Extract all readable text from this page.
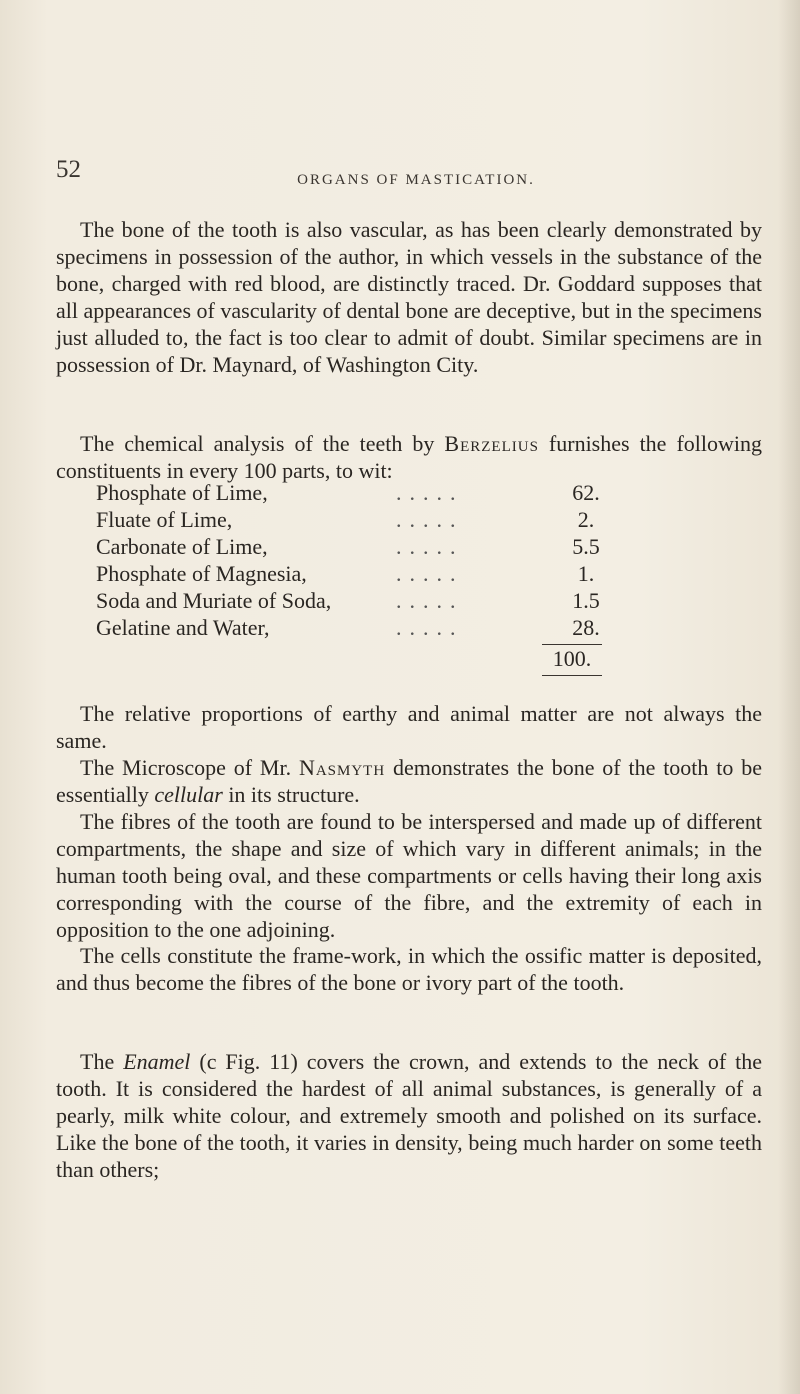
52	ORGANS OF MASTICATION.

The bone of the tooth is also vascular, as has been clearly demonstrated by specimens in possession of the author, in which vessels in the substance of the bone, charged with red blood, are distinctly traced. Dr. Goddard supposes that all appearances of vascularity of dental bone are deceptive, but in the specimens just alluded to, the fact is too clear to admit of doubt. Similar specimens are in possession of Dr. Maynard, of Washington City.

The chemical analysis of the teeth by Berzelius furnishes the following constituents in every 100 parts, to wit:

Phosphate of Lime,	.....	62.
Fluate of Lime,	.....	2.
Carbonate of Lime,	.....	5.5
Phosphate of Magnesia,	.....	1.
Soda and Muriate of Soda,	.....	1.5
Gelatine and Water,	.....	28.
100.

The relative proportions of earthy and animal matter are not always the same.

The Microscope of Mr. Nasmyth demonstrates the bone of the tooth to be essentially cellular in its structure.

The fibres of the tooth are found to be interspersed and made up of different compartments, the shape and size of which vary in different animals; in the human tooth being oval, and these compartments or cells having their long axis corresponding with the course of the fibre, and the extremity of each in opposition to the one adjoining.

The cells constitute the frame-work, in which the ossific matter is deposited, and thus become the fibres of the bone or ivory part of the tooth.

The Enamel (c Fig. 11) covers the crown, and extends to the neck of the tooth. It is considered the hardest of all animal substances, is generally of a pearly, milk white colour, and extremely smooth and polished on its surface. Like the bone of the tooth, it varies in density, being much harder on some teeth than others;
